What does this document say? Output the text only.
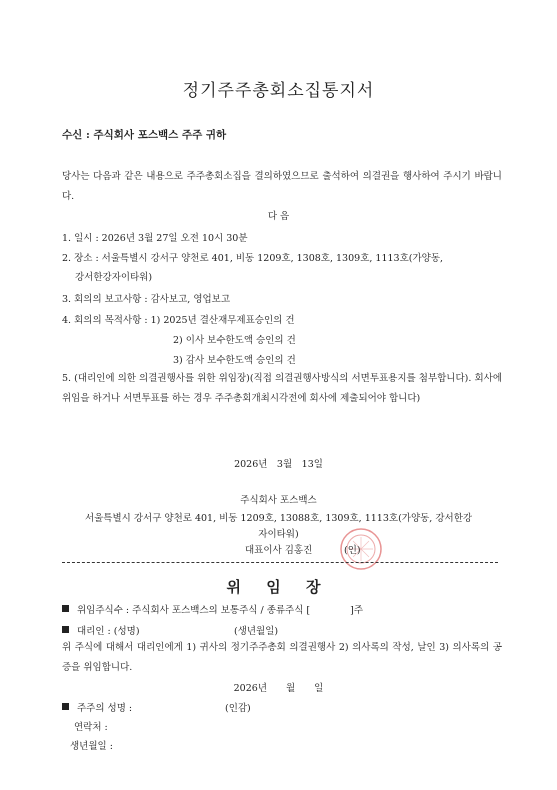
정기주주총회소집통지서
수신 : 주식회사 포스백스 주주 귀하
당사는 다음과 같은 내용으로 주주총회소집을 결의하였으므로 출석하여 의결권을 행사하여 주시기 바랍니다.
다 음
1. 일시 : 2026년 3월 27일 오전 10시 30분
2. 장소 : 서울특별시 강서구 양천로 401, 비동 1209호, 1308호, 1309호, 1113호(가양동,
강서한강자이타워)
3. 회의의 보고사항 : 감사보고, 영업보고
4. 회의의 목적사항 : 1) 2025년 결산재무제표승인의 건
2) 이사 보수한도액 승인의 건
3) 감사 보수한도액 승인의 건
5. (대리인에 의한 의결권행사를 위한 위임장)(직접 의결권행사방식의 서면투표용지를 첨부합니다). 회사에 위임을 하거나 서면투표를 하는 경우 주주총회개최시각전에 회사에 제출되어야 합니다)
2026년　3월　13일
주식회사 포스백스
서울특별시 강서구 양천로 401, 비동 1209호, 13088호, 1309호, 1113호(가양동, 강서한강
자이타워)
대표이사 김홍진	(인)
위 임 장
위임주식수 : 주식회사 포스백스의 보통주식 / 종류주식 [	]주
대리인 : (성명)	(생년월일)
위 주식에 대해서 대리인에게 1) 귀사의 정기주주총회 의결권행사 2) 의사록의 작성, 날인 3) 의사록의 공증을 위임합니다.
2026년　　월　　일
주주의 성명 :	(인감)
연락처 :
생년월일 :
